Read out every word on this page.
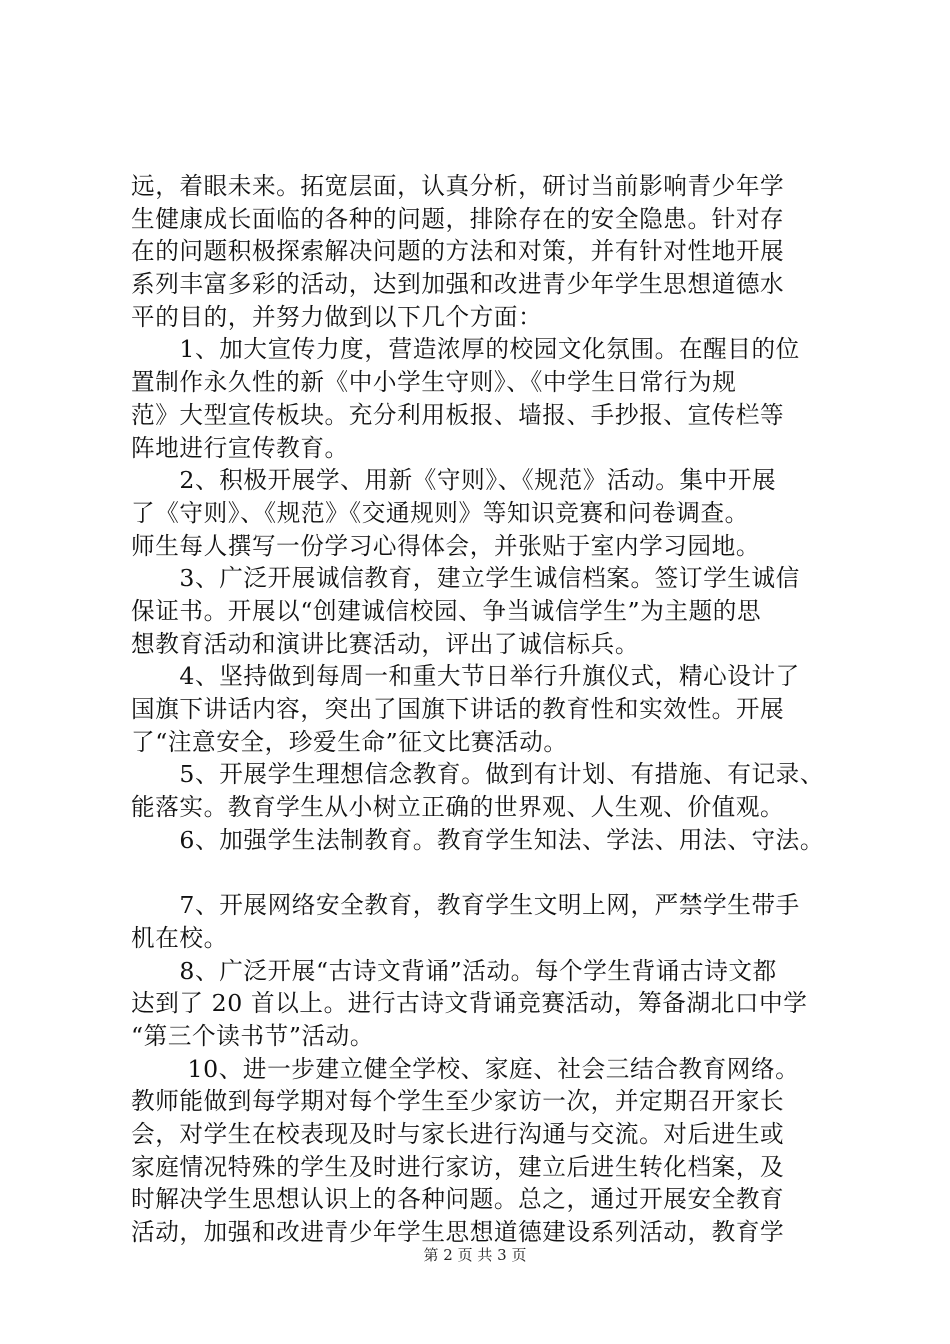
远，着眼未来。拓宽层面，认真分析，研讨当前影响青少年学
生健康成长面临的各种的问题，排除存在的安全隐患。针对存
在的问题积极探索解决问题的方法和对策，并有针对性地开展
系列丰富多彩的活动，达到加强和改进青少年学生思想道德水
平的目的，并努力做到以下几个方面：
　　1、加大宣传力度，营造浓厚的校园文化氛围。在醒目的位
置制作永久性的新《中小学生守则》、《中学生日常行为规
范》大型宣传板块。充分利用板报、墙报、手抄报、宣传栏等
阵地进行宣传教育。
　　2、积极开展学、用新《守则》、《规范》活动。集中开展
了《守则》、《规范》《交通规则》等知识竞赛和问卷调查。
师生每人撰写一份学习心得体会，并张贴于室内学习园地。
　　3、广泛开展诚信教育，建立学生诚信档案。签订学生诚信
保证书。开展以“创建诚信校园、争当诚信学生”为主题的思
想教育活动和演讲比赛活动，评出了诚信标兵。
　　4、坚持做到每周一和重大节日举行升旗仪式，精心设计了
国旗下讲话内容，突出了国旗下讲话的教育性和实效性。开展
了“注意安全，珍爱生命”征文比赛活动。
　　5、开展学生理想信念教育。做到有计划、有措施、有记录、
能落实。教育学生从小树立正确的世界观、人生观、价值观。
　　6、加强学生法制教育。教育学生知法、学法、用法、守法。
　　7、开展网络安全教育，教育学生文明上网，严禁学生带手
机在校。
　　8、广泛开展“古诗文背诵”活动。每个学生背诵古诗文都
达到了 20 首以上。进行古诗文背诵竞赛活动，筹备湖北口中学
“第三个读书节”活动。
　　 10、进一步建立健全学校、家庭、社会三结合教育网络。
教师能做到每学期对每个学生至少家访一次，并定期召开家长
会，对学生在校表现及时与家长进行沟通与交流。对后进生或
家庭情况特殊的学生及时进行家访，建立后进生转化档案，及
时解决学生思想认识上的各种问题。总之，通过开展安全教育
活动，加强和改进青少年学生思想道德建设系列活动，教育学
第 2 页 共 3 页
